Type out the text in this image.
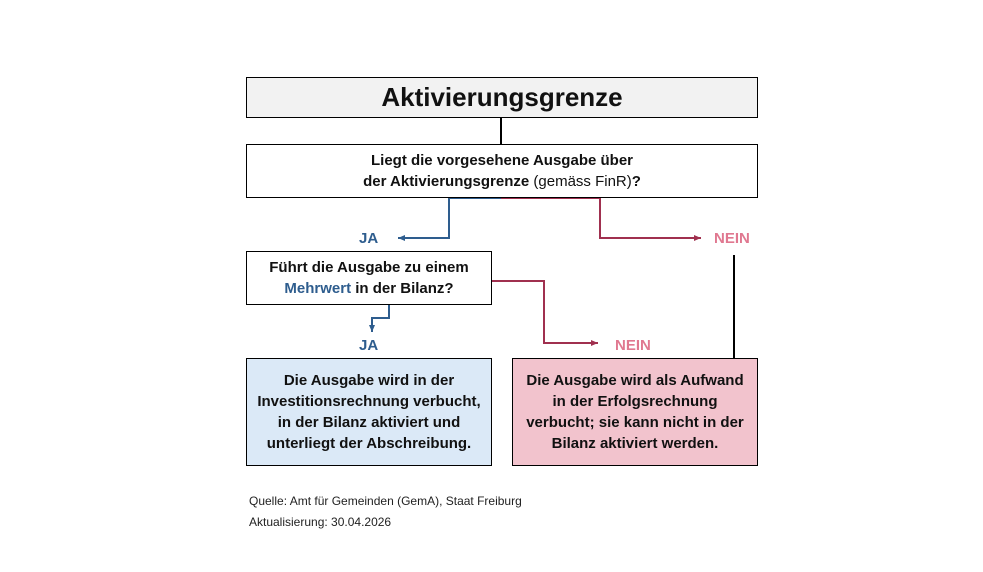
Aktivierungsgrenze
Liegt die vorgesehene Ausgabe über
der Aktivierungsgrenze (gemäss FinR)?
JA	NEIN
Führt die Ausgabe zu einem
Mehrwert in der Bilanz?
JA	NEIN
Die Ausgabe wird in der
Investitionsrechnung verbucht,
in der Bilanz aktiviert und
unterliegt der Abschreibung.
Die Ausgabe wird als Aufwand
in der Erfolgsrechnung
verbucht; sie kann nicht in der
Bilanz aktiviert werden.
Quelle: Amt für Gemeinden (GemA), Staat Freiburg
Aktualisierung: 30.04.2026
